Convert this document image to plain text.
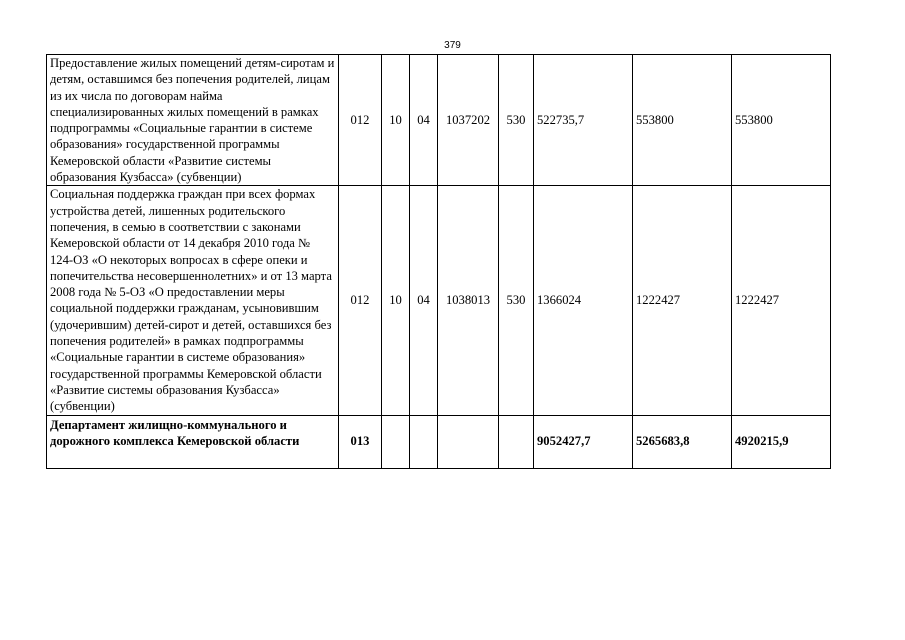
379
Предоставление жилых помещений детям-сиротам и детям, оставшимся без попечения родителей, лицам из их числа по договорам найма специализированных жилых помещений в рамках подпрограммы «Социальные гарантии в системе образования» государственной программы Кемеровской области «Развитие системы образования Кузбасса» (субвенции)	012	10	04	1037202	530	522735,7	553800	553800
Социальная поддержка граждан при всех формах устройства детей, лишенных родительского попечения, в семью в соответствии с законами Кемеровской области от 14 декабря 2010 года № 124-ОЗ «О некоторых вопросах в сфере опеки и попечительства несовершеннолетних» и от 13 марта 2008 года № 5-ОЗ «О предоставлении меры социальной поддержки гражданам, усыновившим (удочерившим) детей-сирот и детей, оставшихся без попечения родителей» в рамках подпрограммы «Социальные гарантии в системе образования» государственной программы Кемеровской области «Развитие системы образования Кузбасса» (субвенции)	012	10	04	1038013	530	1366024	1222427	1222427
Департамент жилищно-коммунального и дорожного комплекса Кемеровской области	013					9052427,7	5265683,8	4920215,9
